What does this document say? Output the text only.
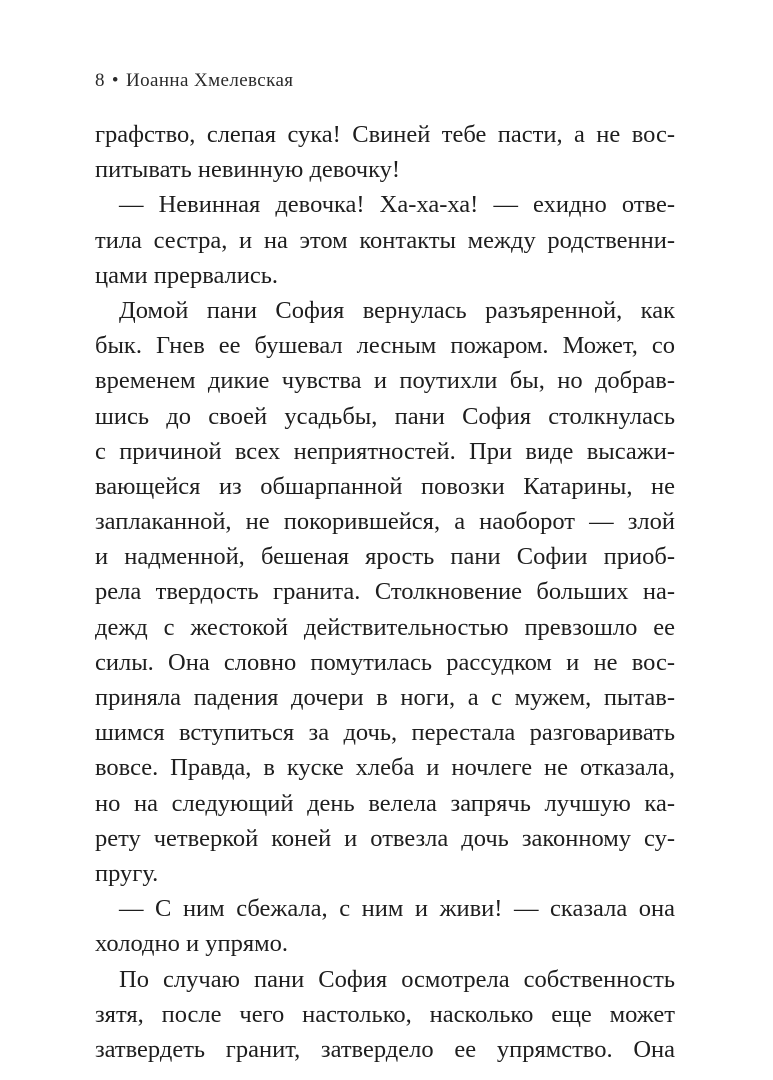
8 • Иоанна Хмелевская
графство, слепая сука! Свиней тебе пасти, а не вос-
питывать невинную девочку!
— Невинная девочка! Ха-ха-ха! — ехидно отве-
тила сестра, и на этом контакты между родственни-
цами прервались.
Домой пани София вернулась разъяренной, как
бык. Гнев ее бушевал лесным пожаром. Может, со
временем дикие чувства и поутихли бы, но добрав-
шись до своей усадьбы, пани София столкнулась
с причиной всех неприятностей. При виде высажи-
вающейся из обшарпанной повозки Катарины, не
заплаканной, не покорившейся, а наоборот — злой
и надменной, бешеная ярость пани Софии приоб-
рела твердость гранита. Столкновение больших на-
дежд с жестокой действительностью превзошло ее
силы. Она словно помутилась рассудком и не вос-
приняла падения дочери в ноги, а с мужем, пытав-
шимся вступиться за дочь, перестала разговаривать
вовсе. Правда, в куске хлеба и ночлеге не отказала,
но на следующий день велела запрячь лучшую ка-
рету четверкой коней и отвезла дочь законному су-
пругу.
— С ним сбежала, с ним и живи! — сказала она
холодно и упрямо.
По случаю пани София осмотрела собственность
зятя, после чего настолько, насколько еще может
затвердеть гранит, затвердело ее упрямство. Она
